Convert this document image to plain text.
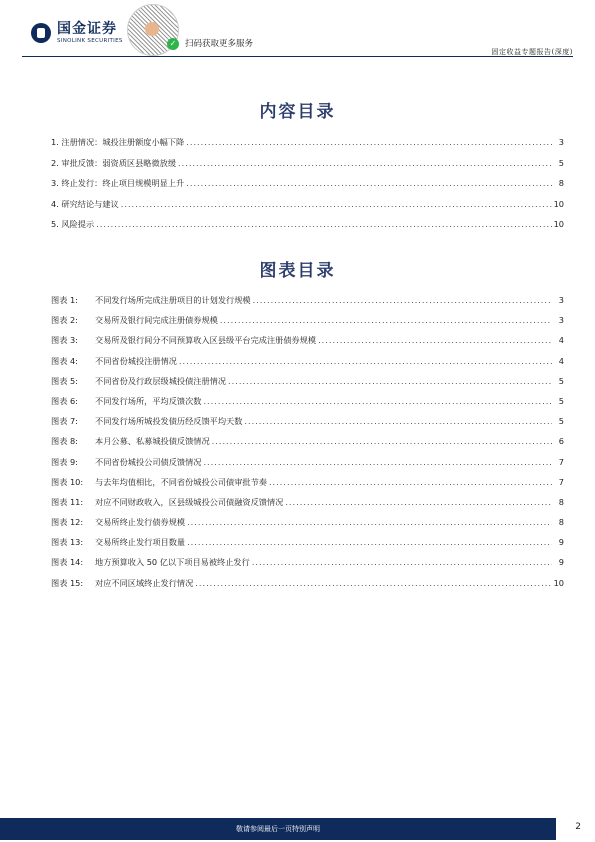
国金证券
SINOLINK SECURITIES	✓	扫码获取更多服务
固定收益专题报告(深度)
内容目录
1. 注册情况：城投注册额度小幅下降 .....	3
2. 审批反馈：弱资质区县略微放缓 .....	5
3. 终止发行：终止项目规模明显上升 .....	8
4. 研究结论与建议 .....	10
5. 风险提示 .....	10
图表目录
图表 1: 不同发行场所完成注册项目的计划发行规模 .....	3
图表 2: 交易所及银行间完成注册债券规模 .....	3
图表 3: 交易所及银行间分不同预算收入区县级平台完成注册债券规模 .....	4
图表 4: 不同省份城投注册情况 .....	4
图表 5: 不同省份及行政层级城投债注册情况 .....	5
图表 6: 不同发行场所，平均反馈次数 .....	5
图表 7: 不同发行场所城投发债历经反馈平均天数 .....	5
图表 8: 本月公募、私募城投债反馈情况 .....	6
图表 9: 不同省份城投公司债反馈情况 .....	7
图表 10: 与去年均值相比，不同省份城投公司债审批节奏 .....	7
图表 11: 对应不同财政收入，区县级城投公司债融资反馈情况 .....	8
图表 12: 交易所终止发行债券规模 .....	8
图表 13: 交易所终止发行项目数量 .....	9
图表 14: 地方预算收入 50 亿以下项目易被终止发行 .....	9
图表 15: 对应不同区域终止发行情况 .....	10
敬请参阅最后一页特别声明	2
